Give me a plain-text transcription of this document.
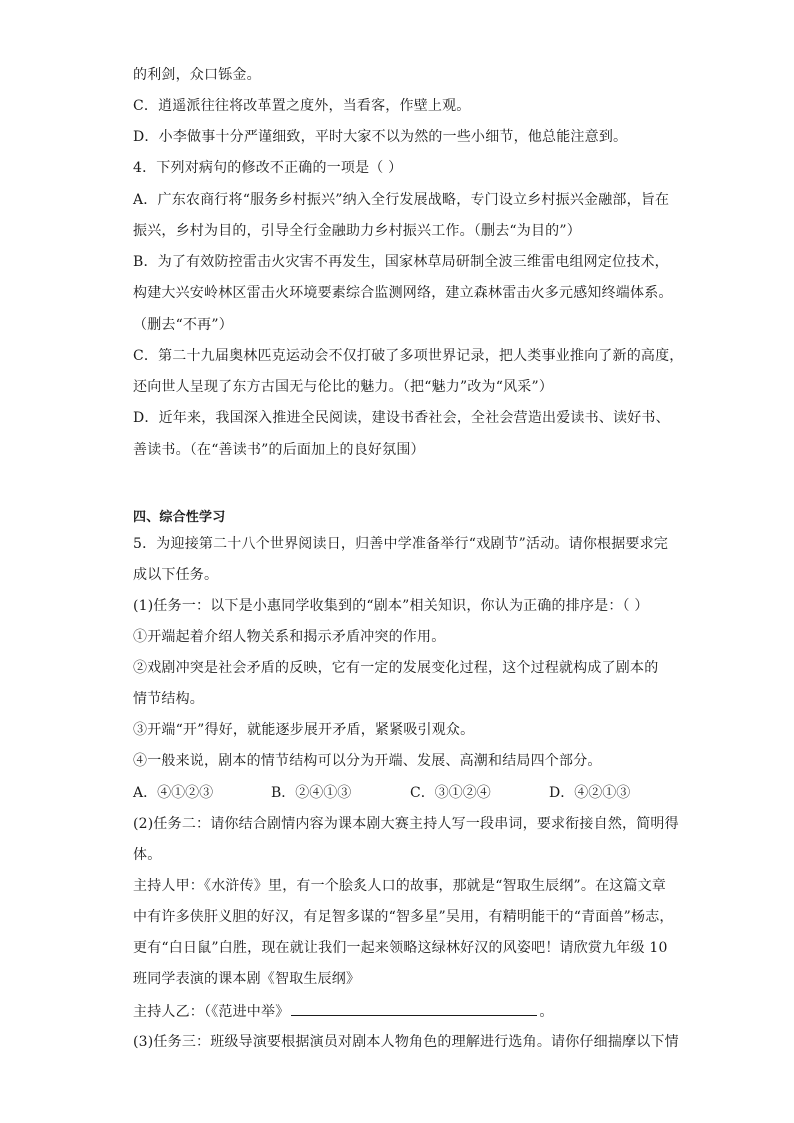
的利剑，众口铄金。
C．逍遥派往往将改革置之度外，当看客，作壁上观。
D．小李做事十分严谨细致，平时大家不以为然的一些小细节，他总能注意到。
4．下列对病句的修改不正确的一项是（ ）
A．广东农商行将“服务乡村振兴”纳入全行发展战略，专门设立乡村振兴金融部，旨在
振兴，乡村为目的，引导全行金融助力乡村振兴工作。（删去“为目的”）
B．为了有效防控雷击火灾害不再发生，国家林草局研制全波三维雷电组网定位技术，
构建大兴安岭林区雷击火环境要素综合监测网络，建立森林雷击火多元感知终端体系。
（删去“不再”）
C．第二十九届奥林匹克运动会不仅打破了多项世界记录，把人类事业推向了新的高度，
还向世人呈现了东方古国无与伦比的魅力。（把“魅力”改为“风采”）
D．近年来，我国深入推进全民阅读，建设书香社会，全社会营造出爱读书、读好书、
善读书。（在“善读书”的后面加上的良好氛围）
四、综合性学习
5．为迎接第二十八个世界阅读日，归善中学准备举行“戏剧节”活动。请你根据要求完
成以下任务。
(1)任务一：以下是小惠同学收集到的“剧本”相关知识，你认为正确的排序是：（ ）
①开端起着介绍人物关系和揭示矛盾冲突的作用。
②戏剧冲突是社会矛盾的反映，它有一定的发展变化过程，这个过程就构成了剧本的
情节结构。
③开端“开”得好，就能逐步展开矛盾，紧紧吸引观众。
④一般来说，剧本的情节结构可以分为开端、发展、高潮和结局四个部分。
A．④①②③	B．②④①③	C．③①②④	D．④②①③
(2)任务二：请你结合剧情内容为课本剧大赛主持人写一段串词，要求衔接自然，简明得
体。
主持人甲：《水浒传》里，有一个脍炙人口的故事，那就是“智取生辰纲”。在这篇文章
中有许多侠肝义胆的好汉，有足智多谋的“智多星”吴用，有精明能干的“青面兽”杨志，
更有“白日鼠”白胜，现在就让我们一起来领略这绿林好汉的风姿吧！请欣赏九年级 10
班同学表演的课本剧《智取生辰纲》
主持人乙：（《范进中举》	。
(3)任务三：班级导演要根据演员对剧本人物角色的理解进行选角。请你仔细揣摩以下情
